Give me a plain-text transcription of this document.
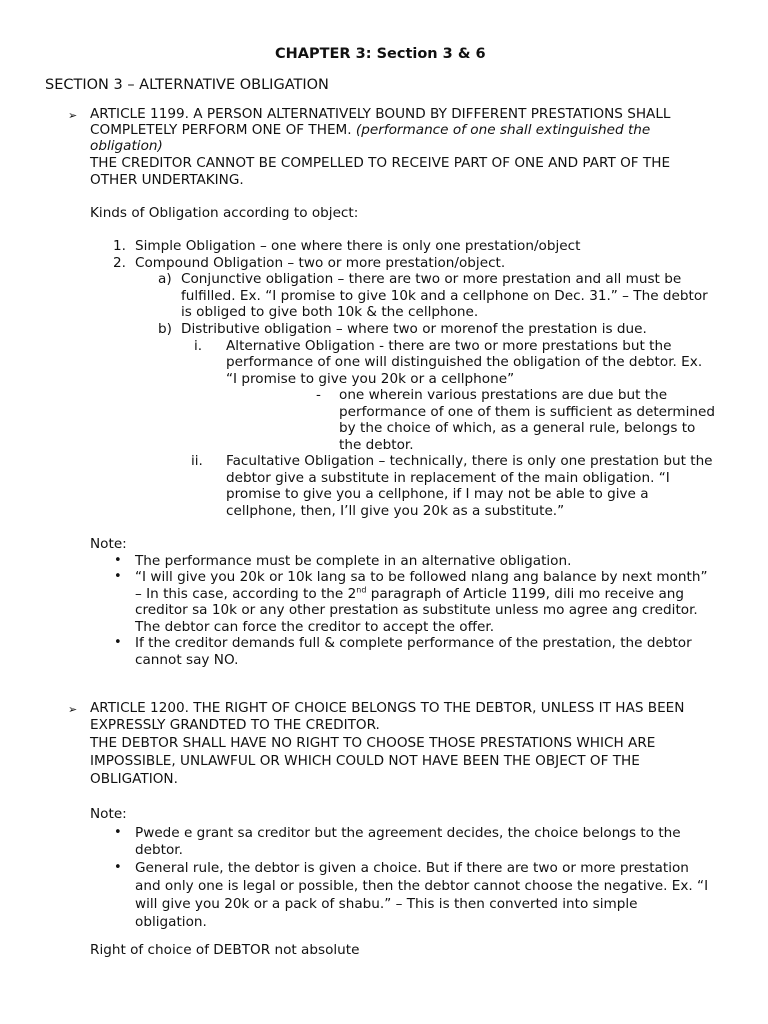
CHAPTER 3: Section 3 & 6
SECTION 3 – ALTERNATIVE OBLIGATION
➢ ARTICLE 1199. A PERSON ALTERNATIVELY BOUND BY DIFFERENT PRESTATIONS SHALL
COMPLETELY PERFORM ONE OF THEM. (performance of one shall extinguished the
obligation)
THE CREDITOR CANNOT BE COMPELLED TO RECEIVE PART OF ONE AND PART OF THE
OTHER UNDERTAKING.
Kinds of Obligation according to object:
1. Simple Obligation – one where there is only one prestation/object
2. Compound Obligation – two or more prestation/object.
a) Conjunctive obligation – there are two or more prestation and all must be
fulfilled. Ex. “I promise to give 10k and a cellphone on Dec. 31.” – The debtor
is obliged to give both 10k & the cellphone.
b) Distributive obligation – where two or morenof the prestation is due.
i. Alternative Obligation - there are two or more prestations but the
performance of one will distinguished the obligation of the debtor. Ex.
“I promise to give you 20k or a cellphone”
- one wherein various prestations are due but the
performance of one of them is sufficient as determined
by the choice of which, as a general rule, belongs to
the debtor.
ii. Facultative Obligation – technically, there is only one prestation but the
debtor give a substitute in replacement of the main obligation. “I
promise to give you a cellphone, if I may not be able to give a
cellphone, then, I’ll give you 20k as a substitute.”
Note:
• The performance must be complete in an alternative obligation.
• “I will give you 20k or 10k lang sa to be followed nlang ang balance by next month”
– In this case, according to the 2nd paragraph of Article 1199, dili mo receive ang
creditor sa 10k or any other prestation as substitute unless mo agree ang creditor.
The debtor can force the creditor to accept the offer.
• If the creditor demands full & complete performance of the prestation, the debtor
cannot say NO.
➢ ARTICLE 1200. THE RIGHT OF CHOICE BELONGS TO THE DEBTOR, UNLESS IT HAS BEEN
EXPRESSLY GRANDTED TO THE CREDITOR.
THE DEBTOR SHALL HAVE NO RIGHT TO CHOOSE THOSE PRESTATIONS WHICH ARE
IMPOSSIBLE, UNLAWFUL OR WHICH COULD NOT HAVE BEEN THE OBJECT OF THE
OBLIGATION.
Note:
• Pwede e grant sa creditor but the agreement decides, the choice belongs to the
debtor.
• General rule, the debtor is given a choice. But if there are two or more prestation
and only one is legal or possible, then the debtor cannot choose the negative. Ex. “I
will give you 20k or a pack of shabu.” – This is then converted into simple
obligation.
Right of choice of DEBTOR not absolute
